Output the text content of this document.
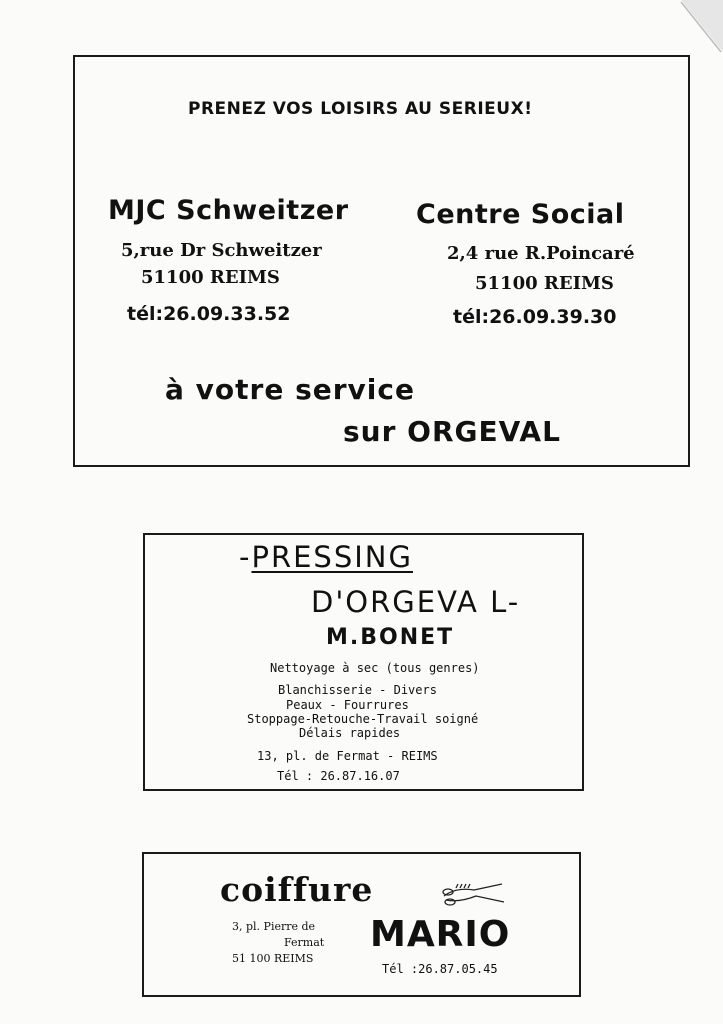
PRENEZ VOS LOISIRS AU SERIEUX!
MJC Schweitzer
5,rue Dr Schweitzer
51100 REIMS
tél:26.09.33.52
Centre Social
2,4 rue R.Poincaré
51100 REIMS
tél:26.09.39.30
à votre service
sur ORGEVAL
-PRESSING
D'ORGEVA L-
M.BONET
Nettoyage à sec (tous genres)
Blanchisserie - Divers
Peaux - Fourrures
Stoppage-Retouche-Travail soigné
Délais rapides
13, pl. de Fermat - REIMS
Tél : 26.87.16.07
coiffure
3, pl. Pierre de
Fermat
51 100 REIMS
MARIO
Tél :26.87.05.45
